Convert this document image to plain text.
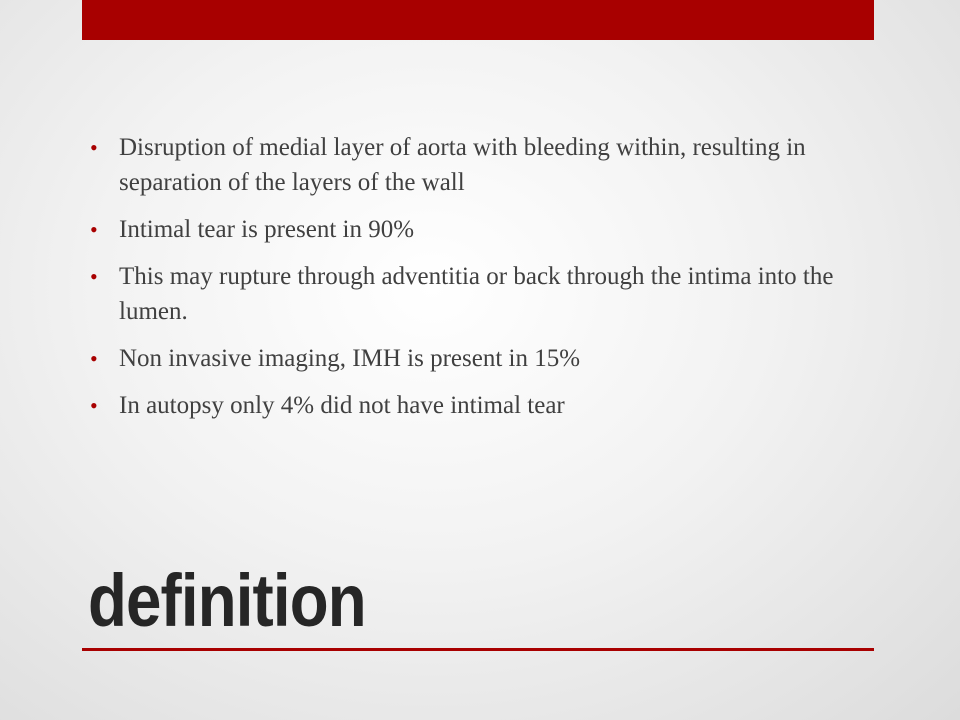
• Disruption of medial layer of aorta with bleeding within, resulting in separation of the layers of the wall
• Intimal tear is present in 90%
• This may rupture through adventitia or back through the intima into the lumen.
• Non invasive imaging, IMH is present in 15%
• In autopsy only 4% did not have intimal tear
definition
